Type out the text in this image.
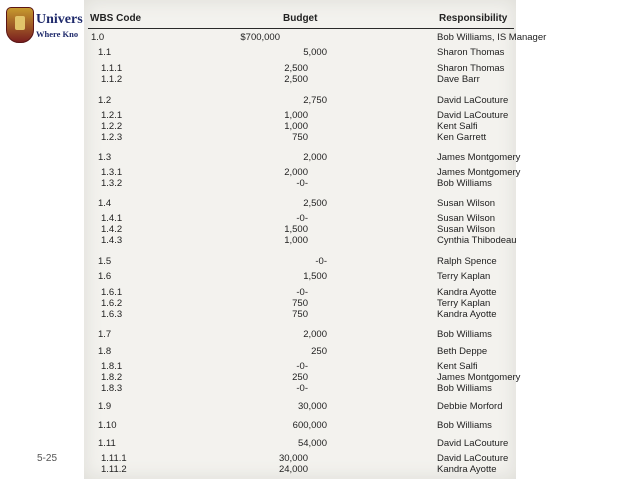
Univers
Where Kno
5-25
WBS Code	Budget	Responsibility
1.0	$700,000	Bob Williams, IS Manager
1.1	5,000	Sharon Thomas
1.1.1	2,500	Sharon Thomas
1.1.2	2,500	Dave Barr
1.2	2,750	David LaCouture
1.2.1	1,000	David LaCouture
1.2.2	1,000	Kent Salfi
1.2.3	750	Ken Garrett
1.3	2,000	James Montgomery
1.3.1	2,000	James Montgomery
1.3.2	-0-	Bob Williams
1.4	2,500	Susan Wilson
1.4.1	-0-	Susan Wilson
1.4.2	1,500	Susan Wilson
1.4.3	1,000	Cynthia Thibodeau
1.5	-0-	Ralph Spence
1.6	1,500	Terry Kaplan
1.6.1	-0-	Kandra Ayotte
1.6.2	750	Terry Kaplan
1.6.3	750	Kandra Ayotte
1.7	2,000	Bob Williams
1.8	250	Beth Deppe
1.8.1	-0-	Kent Salfi
1.8.2	250	James Montgomery
1.8.3	-0-	Bob Williams
1.9	30,000	Debbie Morford
1.10	600,000	Bob Williams
1.11	54,000	David LaCouture
1.11.1	30,000	David LaCouture
1.11.2	24,000	Kandra Ayotte
